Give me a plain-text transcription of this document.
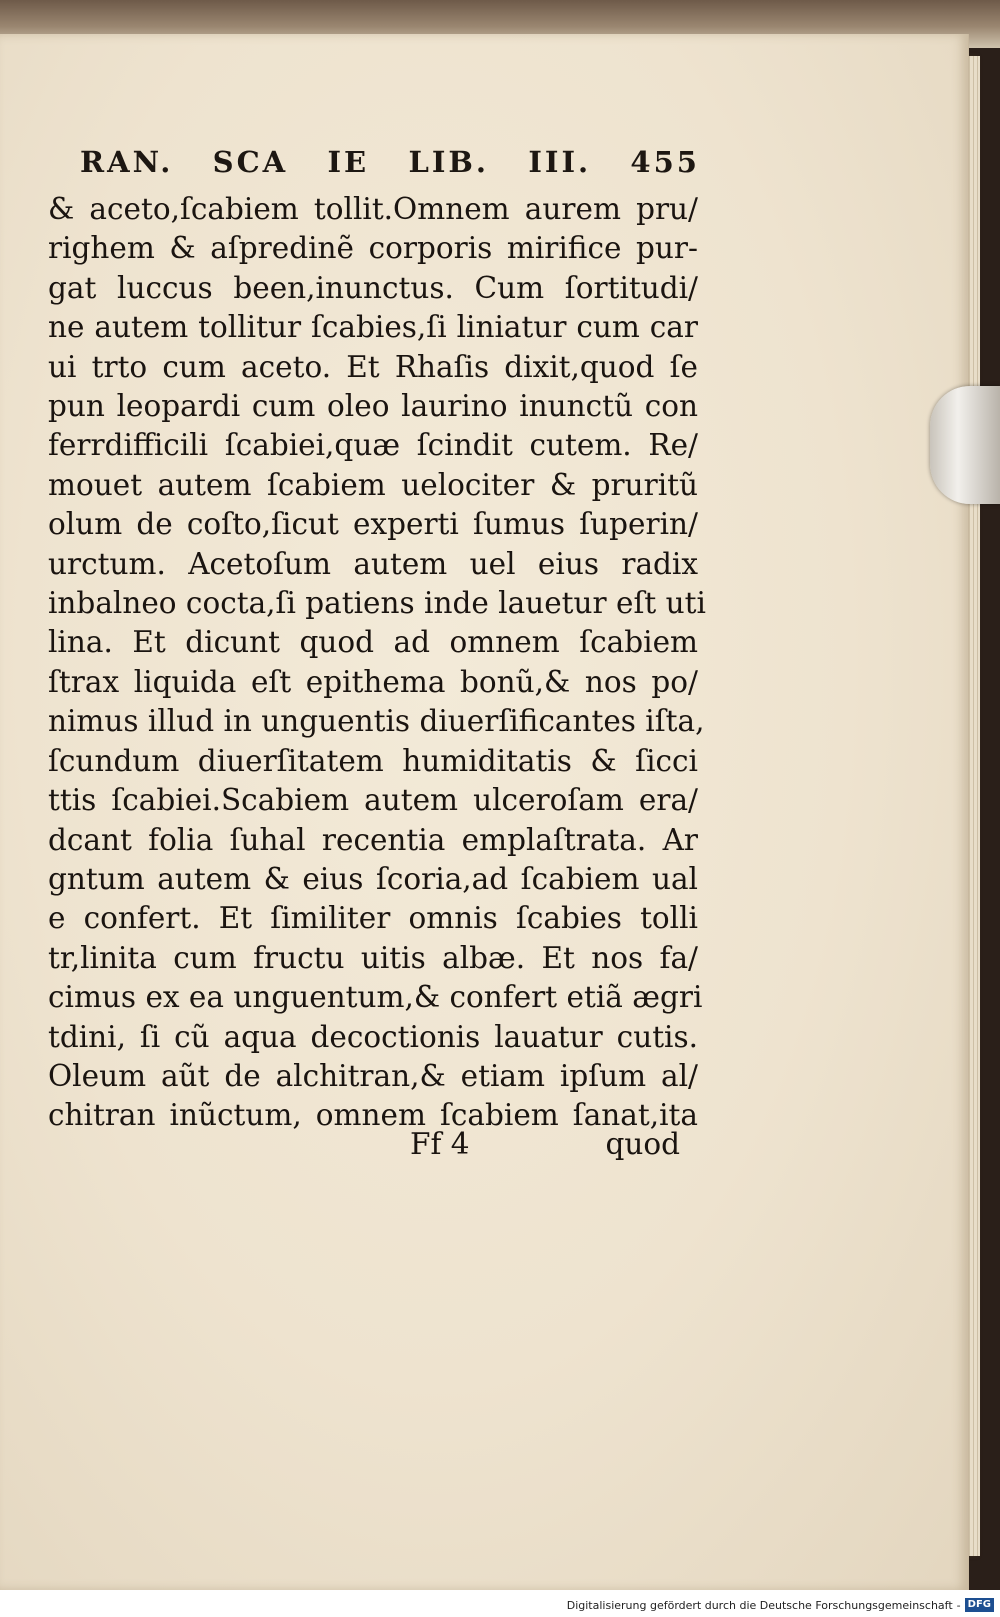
RAN. SCA IE LIB. III. 455
& aceto,ſcabiem tollit.Omnem aurem pru/
righem & aſpredinẽ corporis mirifice pur-
gat luccus been,inunctus. Cum ſortitudi/
ne autem tollitur ſcabies,ſi liniatur cum car
ui trto cum aceto. Et Rhaſis dixit,quod ſe
pun leopardi cum oleo laurino inunctũ con
ferrdifficili ſcabiei,quæ ſcindit cutem. Re/
mouet autem ſcabiem uelociter & pruritũ
olum de coſto,ſicut experti ſumus ſuperin/
urctum. Acetoſum autem uel eius radix
inbalneo cocta,ſi patiens inde lauetur eſt uti
lina. Et dicunt quod ad omnem ſcabiem
ſtrax liquida eſt epithema bonũ,& nos po/
nimus illud in unguentis diuerſificantes iſta,
ſcundum diuerſitatem humiditatis & ſicci
ttis ſcabiei.Scabiem autem ulceroſam era/
dcant folia ſuhal recentia emplaſtrata. Ar
gntum autem & eius ſcoria,ad ſcabiem ual
e confert. Et ſimiliter omnis ſcabies tolli
tr,linita cum fructu uitis albæ. Et nos fa/
cimus ex ea unguentum,& confert etiã ægri
tdini, ſi cũ aqua decoctionis lauatur cutis.
Oleum aũt de alchitran,& etiam ipſum al/
chitran inũctum, omnem ſcabiem ſanat,ita
Ff 4	quod
Digitalisierung gefördert durch die Deutsche Forschungsgemeinschaft - DFG
